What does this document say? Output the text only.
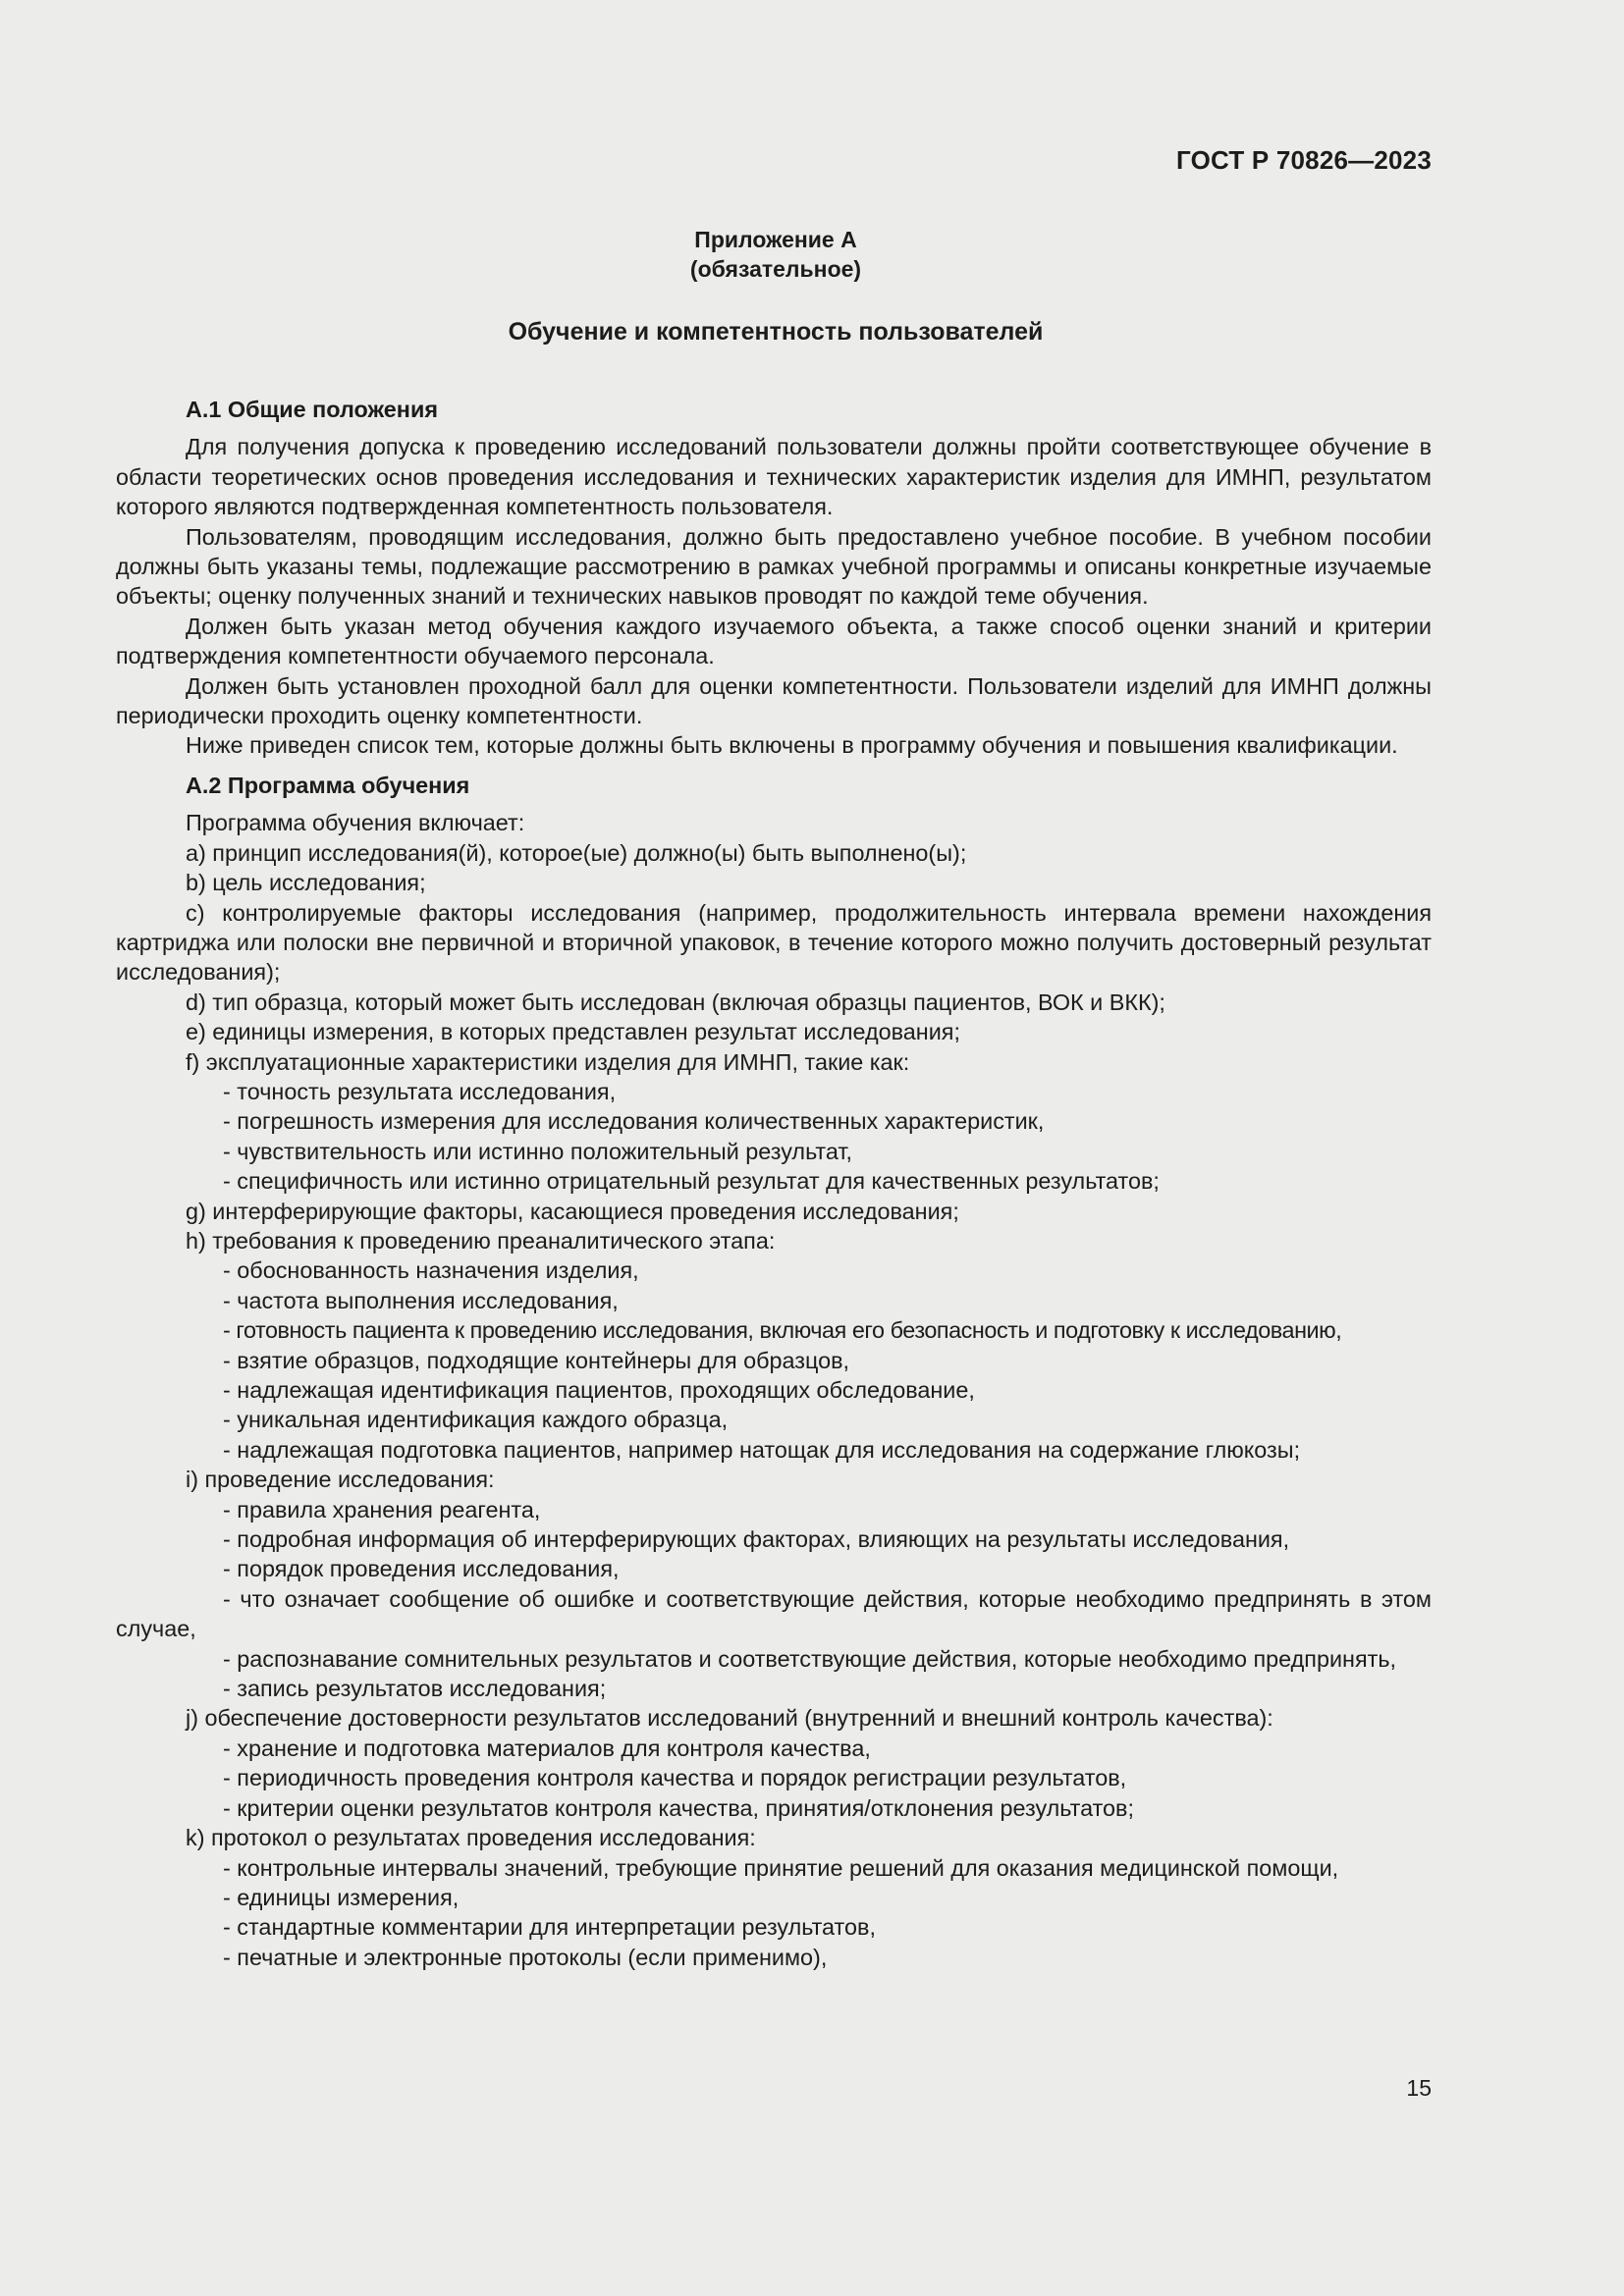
ГОСТ Р 70826—2023
Приложение А
(обязательное)
Обучение и компетентность пользователей
А.1 Общие положения

Для получения допуска к проведению исследований пользователи должны пройти соответствующее обучение в области теоретических основ проведения исследования и технических характеристик изделия для ИМНП, результатом которого являются подтвержденная компетентность пользователя.

Пользователям, проводящим исследования, должно быть предоставлено учебное пособие. В учебном пособии должны быть указаны темы, подлежащие рассмотрению в рамках учебной программы и описаны конкретные изучаемые объекты; оценку полученных знаний и технических навыков проводят по каждой теме обучения.

Должен быть указан метод обучения каждого изучаемого объекта, а также способ оценки знаний и критерии подтверждения компетентности обучаемого персонала.

Должен быть установлен проходной балл для оценки компетентности. Пользователи изделий для ИМНП должны периодически проходить оценку компетентности.

Ниже приведен список тем, которые должны быть включены в программу обучения и повышения квалификации.

А.2 Программа обучения

Программа обучения включает:

а) принцип исследования(й), которое(ые) должно(ы) быть выполнено(ы);

b) цель исследования;

с) контролируемые факторы исследования (например, продолжительность интервала времени нахождения картриджа или полоски вне первичной и вторичной упаковок, в течение которого можно получить достоверный результат исследования);

d) тип образца, который может быть исследован (включая образцы пациентов, ВОК и ВКК);

е) единицы измерения, в которых представлен результат исследования;

f) эксплуатационные характеристики изделия для ИМНП, такие как:

- точность результата исследования,

- погрешность измерения для исследования количественных характеристик,

- чувствительность или истинно положительный результат,

- специфичность или истинно отрицательный результат для качественных результатов;

g) интерферирующие факторы, касающиеся проведения исследования;

h) требования к проведению преаналитического этапа:

- обоснованность назначения изделия,

- частота выполнения исследования,

- готовность пациента к проведению исследования, включая его безопасность и подготовку к исследованию,

- взятие образцов, подходящие контейнеры для образцов,

- надлежащая идентификация пациентов, проходящих обследование,

- уникальная идентификация каждого образца,

- надлежащая подготовка пациентов, например натощак для исследования на содержание глюкозы;

i) проведение исследования:

- правила хранения реагента,

- подробная информация об интерферирующих факторах, влияющих на результаты исследования,

- порядок проведения исследования,

- что означает сообщение об ошибке и соответствующие действия, которые необходимо предпринять в этом случае,

- распознавание сомнительных результатов и соответствующие действия, которые необходимо предпринять,

- запись результатов исследования;

j) обеспечение достоверности результатов исследований (внутренний и внешний контроль качества):

- хранение и подготовка материалов для контроля качества,

- периодичность проведения контроля качества и порядок регистрации результатов,

- критерии оценки результатов контроля качества, принятия/отклонения результатов;

k) протокол о результатах проведения исследования:

- контрольные интервалы значений, требующие принятие решений для оказания медицинской помощи,

- единицы измерения,

- стандартные комментарии для интерпретации результатов,

- печатные и электронные протоколы (если применимо),

15
